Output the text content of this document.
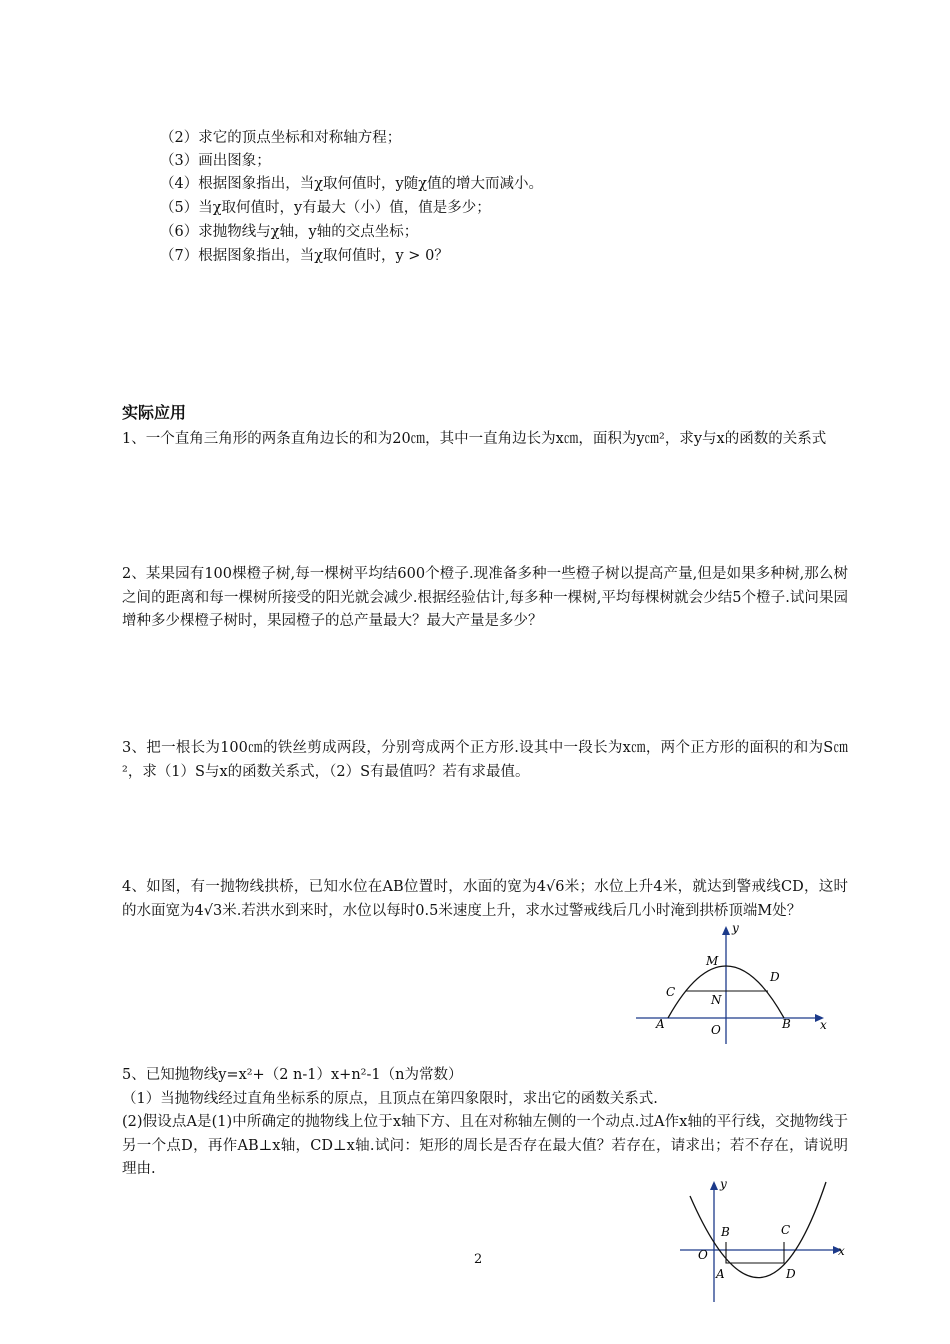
（2）求它的顶点坐标和对称轴方程；
（3）画出图象；
（4）根据图象指出，当χ取何值时，y随χ值的增大而减小。
（5）当χ取何值时，y有最大（小）值，值是多少；
（6）求抛物线与χ轴，y轴的交点坐标；
（7）根据图象指出，当χ取何值时，y > 0？
实际应用
1、一个直角三角形的两条直角边长的和为20㎝，其中一直角边长为x㎝，面积为y㎝²，求y与x的函数的关系式
2、某果园有100棵橙子树,每一棵树平均结600个橙子.现准备多种一些橙子树以提高产量,但是如果多种树,那么树之间的距离和每一棵树所接受的阳光就会减少.根据经验估计,每多种一棵树,平均每棵树就会少结5个橙子.试问果园增种多少棵橙子树时，果园橙子的总产量最大？最大产量是多少？
3、把一根长为100㎝的铁丝剪成两段，分别弯成两个正方形.设其中一段长为x㎝，两个正方形的面积的和为S㎝²，求（1）S与x的函数关系式，（2）S有最值吗？若有求最值。
4、如图，有一抛物线拱桥，已知水位在AB位置时，水面的宽为4√6米；水位上升4米，就达到警戒线CD，这时的水面宽为4√3米.若洪水到来时，水位以每时0.5米速度上升，求水过警戒线后几小时淹到拱桥顶端M处？
y
x
M
D
C
N
A	B
O
5、已知抛物线y=x²+（2 n-1）x+n²-1（n为常数）
（1）当抛物线经过直角坐标系的原点，且顶点在第四象限时，求出它的函数关系式.
(2)假设点A是(1)中所确定的抛物线上位于x轴下方、且在对称轴左侧的一个动点.过A作x轴的平行线，交抛物线于另一个点D，再作AB⊥x轴，CD⊥x轴.试问：矩形的周长是否存在最大值？若存在，请求出；若不存在，请说明理由.
y
x
B	C
O
A	D
2
